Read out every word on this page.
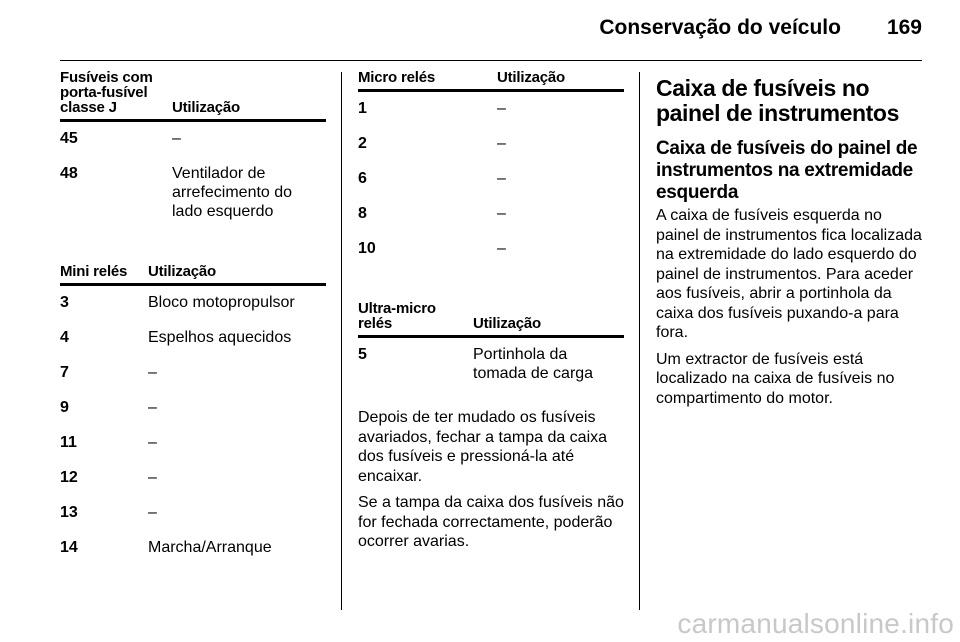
Conservação do veículo 169
Fusíveis com porta-fusível classe J	Utilização
45	–
48	Ventilador de arrefecimento do lado esquerdo
Mini relés	Utilização
3	Bloco motopropulsor
4	Espelhos aquecidos
7	–
9	–
11	–
12	–
13	–
14	Marcha/Arranque
Micro relés	Utilização
1	–
2	–
6	–
8	–
10	–
Ultra-micro relés	Utilização
5	Portinhola da tomada de carga

Depois de ter mudado os fusíveis avariados, fechar a tampa da caixa dos fusíveis e pressioná-la até encaixar.

Se a tampa da caixa dos fusíveis não for fechada correctamente, poderão ocorrer avarias.

Caixa de fusíveis no painel de instrumentos
Caixa de fusíveis do painel de instrumentos na extremidade esquerda

A caixa de fusíveis esquerda no painel de instrumentos fica localizada na extremidade do lado esquerdo do painel de instrumentos. Para aceder aos fusíveis, abrir a portinhola da caixa dos fusíveis puxando-a para fora.

Um extractor de fusíveis está localizado na caixa de fusíveis no compartimento do motor.

carmanualsonline.info
